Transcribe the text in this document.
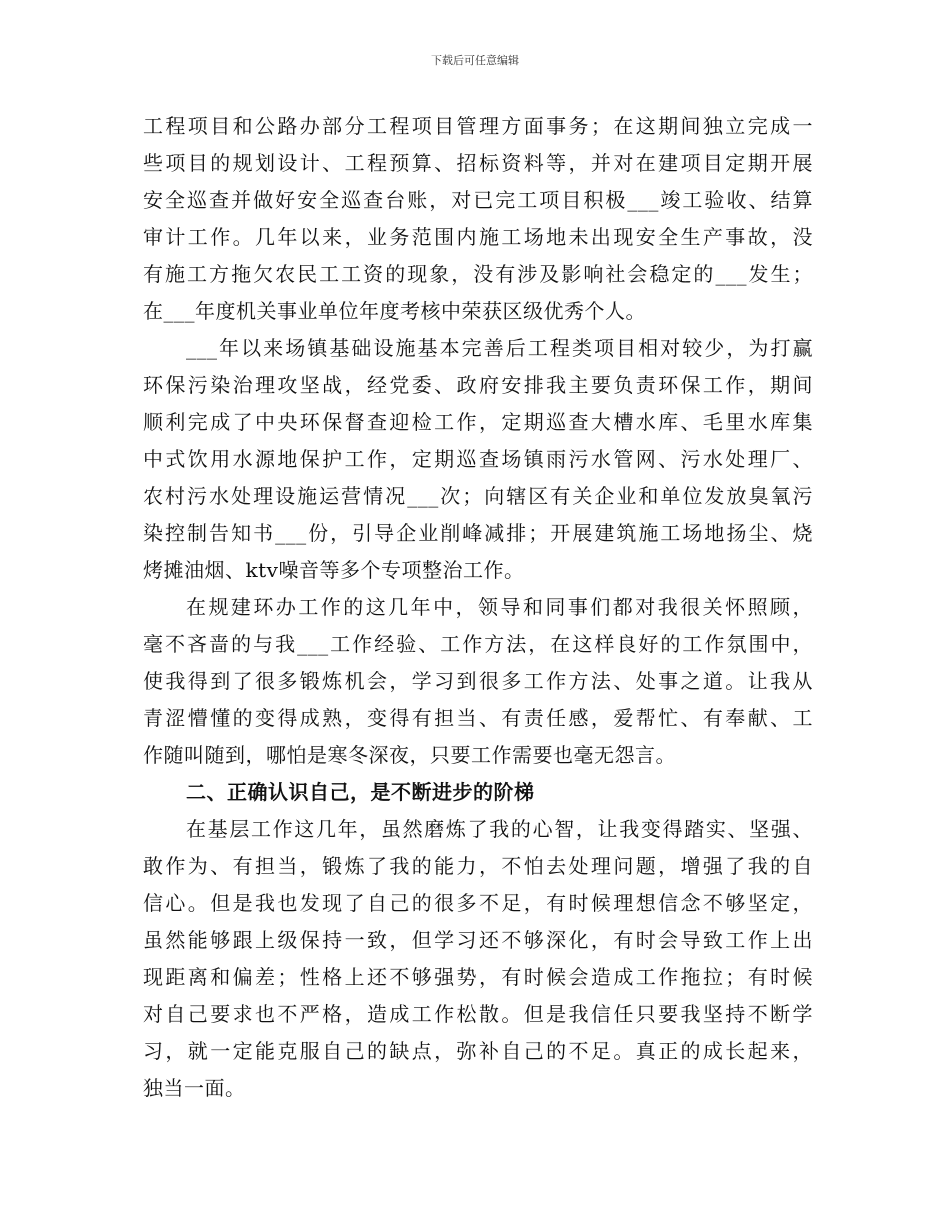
下载后可任意编辑
工程项目和公路办部分工程项目管理方面事务；在这期间独立完成一
些项目的规划设计、工程预算、招标资料等，并对在建项目定期开展
安全巡查并做好安全巡查台账，对已完工项目积极___竣工验收、结算
审计工作。几年以来，业务范围内施工场地未出现安全生产事故，没
有施工方拖欠农民工工资的现象，没有涉及影响社会稳定的___发生；
在___年度机关事业单位年度考核中荣获区级优秀个人。
___年以来场镇基础设施基本完善后工程类项目相对较少，为打赢
环保污染治理攻坚战，经党委、政府安排我主要负责环保工作，期间
顺利完成了中央环保督查迎检工作，定期巡查大槽水库、毛里水库集
中式饮用水源地保护工作，定期巡查场镇雨污水管网、污水处理厂、
农村污水处理设施运营情况___次；向辖区有关企业和单位发放臭氧污
染控制告知书___份，引导企业削峰减排；开展建筑施工场地扬尘、烧
烤摊油烟、ktv噪音等多个专项整治工作。
在规建环办工作的这几年中，领导和同事们都对我很关怀照顾，
毫不吝啬的与我___工作经验、工作方法，在这样良好的工作氛围中，
使我得到了很多锻炼机会，学习到很多工作方法、处事之道。让我从
青涩懵懂的变得成熟，变得有担当、有责任感，爱帮忙、有奉献、工
作随叫随到，哪怕是寒冬深夜，只要工作需要也毫无怨言。
二、正确认识自己，是不断进步的阶梯
在基层工作这几年，虽然磨炼了我的心智，让我变得踏实、坚强、
敢作为、有担当，锻炼了我的能力，不怕去处理问题，增强了我的自
信心。但是我也发现了自己的很多不足，有时候理想信念不够坚定，
虽然能够跟上级保持一致，但学习还不够深化，有时会导致工作上出
现距离和偏差；性格上还不够强势，有时候会造成工作拖拉；有时候
对自己要求也不严格，造成工作松散。但是我信任只要我坚持不断学
习，就一定能克服自己的缺点，弥补自己的不足。真正的成长起来，
独当一面。
